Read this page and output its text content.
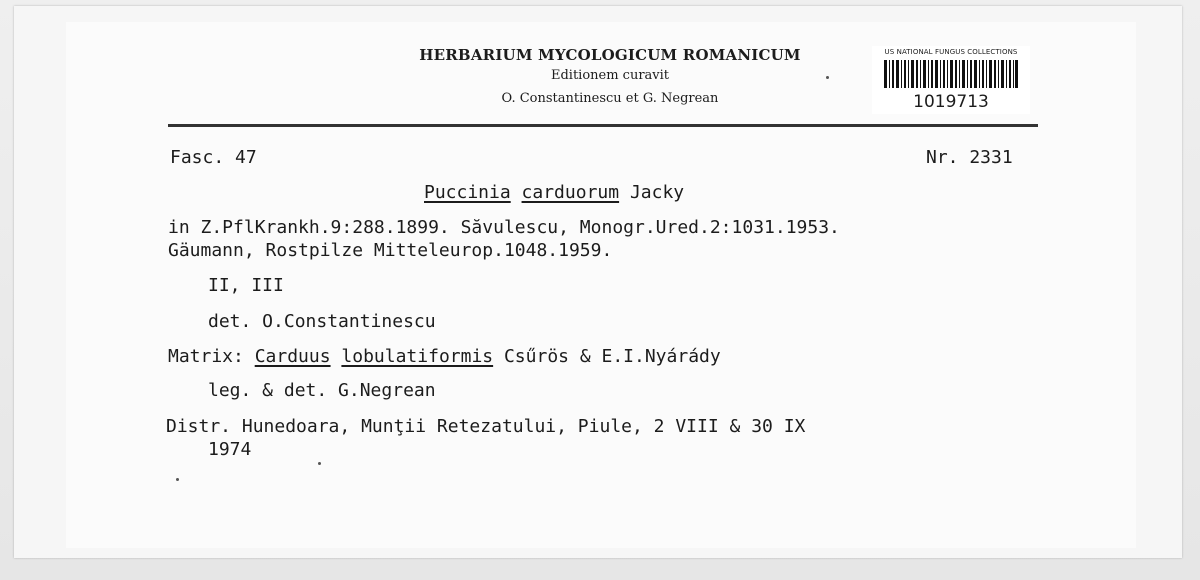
HERBARIUM MYCOLOGICUM ROMANICUM
Editionem curavit
O. Constantinescu et G. Negrean
US NATIONAL FUNGUS COLLECTIONS
1019713
Fasc. 47	Nr. 2331
Puccinia carduorum Jacky
in Z.PflKrankh.9:288.1899. Săvulescu, Monogr.Ured.2:1031.1953.
Gäumann, Rostpilze Mitteleurop.1048.1959.
II, III
det. O.Constantinescu
Matrix: Carduus lobulatiformis Csűrös & E.I.Nyárády
leg. & det. G.Negrean
Distr. Hunedoara, Munţii Retezatului, Piule, 2 VIII & 30 IX
1974
